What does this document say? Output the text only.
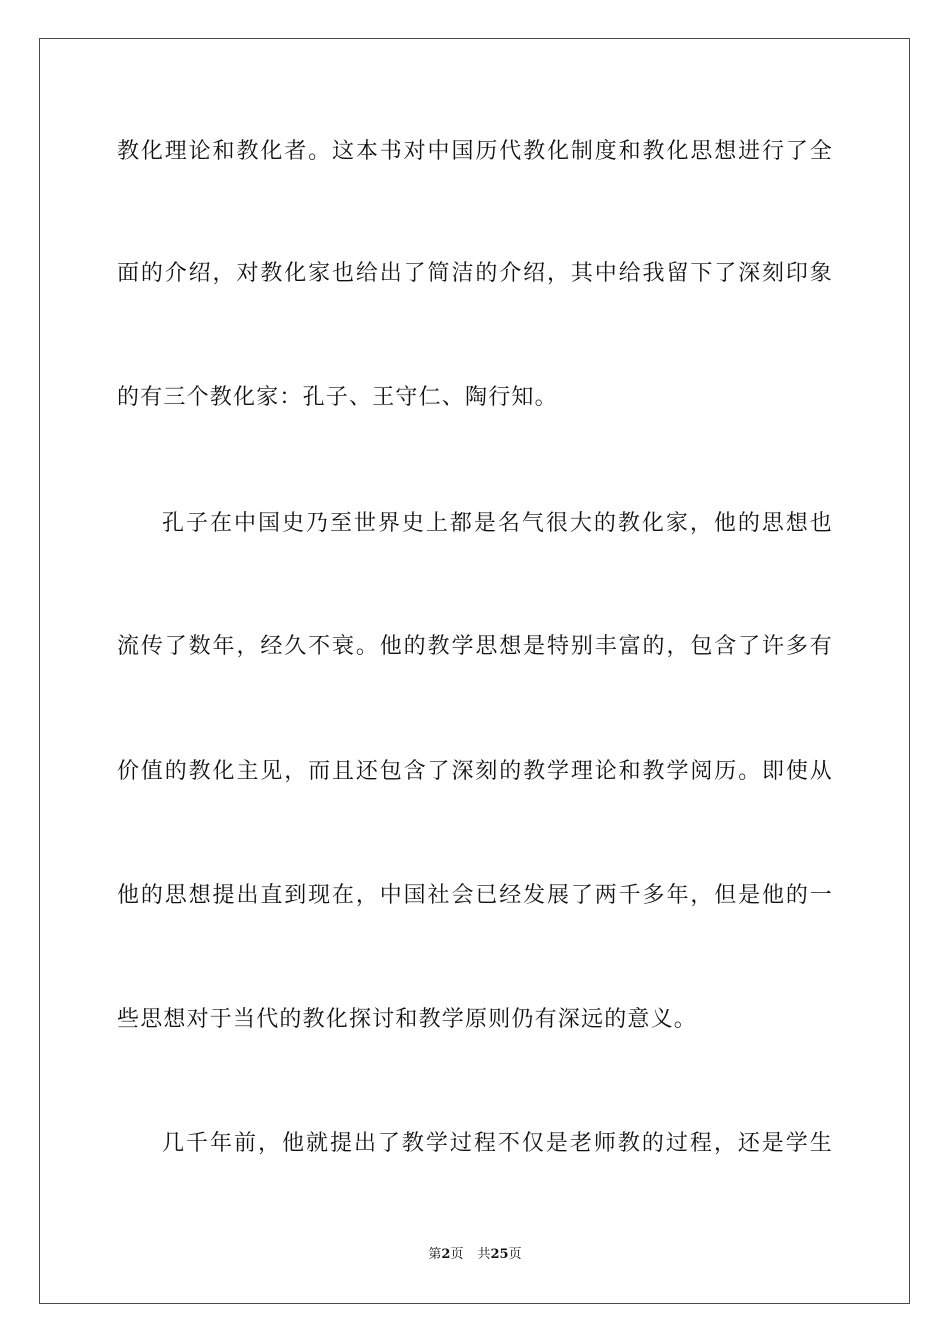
教化理论和教化者。这本书对中国历代教化制度和教化思想进行了全
面的介绍，对教化家也给出了简洁的介绍，其中给我留下了深刻印象
的有三个教化家：孔子、王守仁、陶行知。
孔子在中国史乃至世界史上都是名气很大的教化家，他的思想也
流传了数年，经久不衰。他的教学思想是特别丰富的，包含了许多有
价值的教化主见，而且还包含了深刻的教学理论和教学阅历。即使从
他的思想提出直到现在，中国社会已经发展了两千多年，但是他的一
些思想对于当代的教化探讨和教学原则仍有深远的意义。
几千年前，他就提出了教学过程不仅是老师教的过程，还是学生
第2页 共25页
